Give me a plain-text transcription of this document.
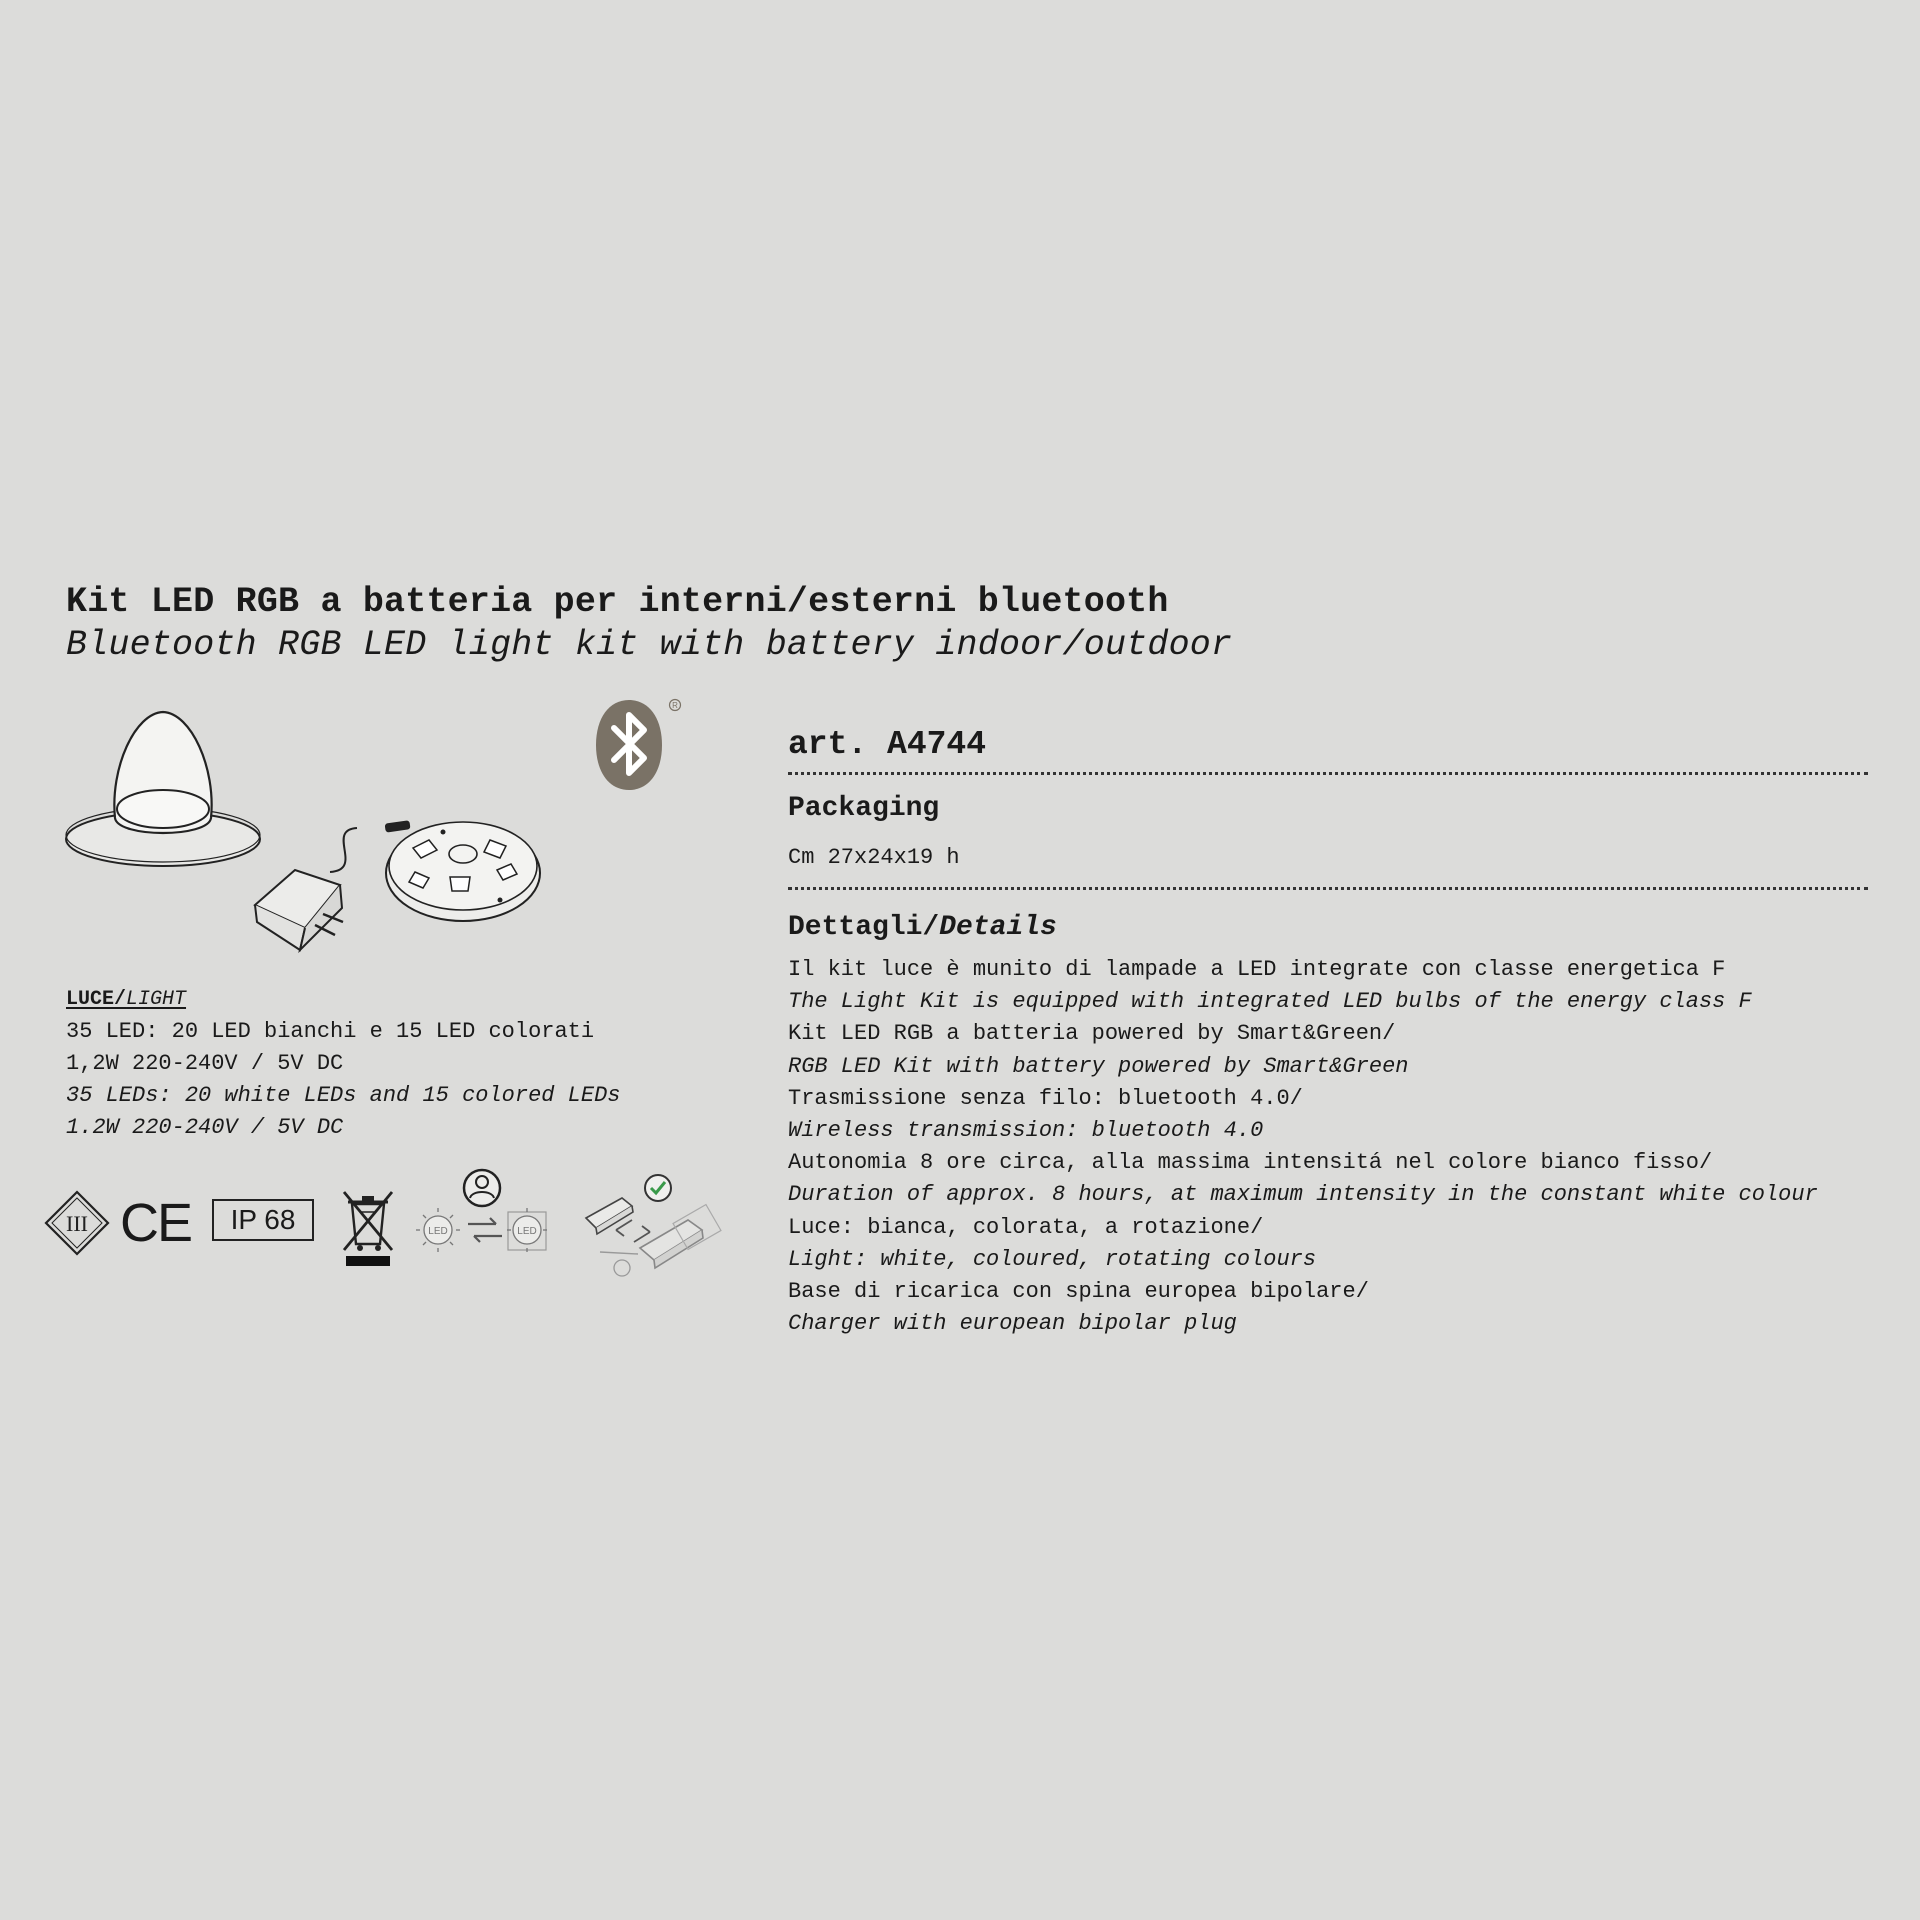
Kit LED RGB a batteria per interni/esterni bluetooth
Bluetooth RGB LED light kit with battery indoor/outdoor
R
LUCE/LIGHT
35 LED: 20 LED bianchi e 15 LED colorati
1,2W 220-240V / 5V DC
35 LEDs: 20 white LEDs and 15 colored LEDs
1.2W 220-240V / 5V DC
III CE	IP 68	LED	LED
art. A4744
Packaging
Cm 27x24x19 h
Dettagli/Details
Il kit luce è munito di lampade a LED integrate con classe energetica F
The Light Kit is equipped with integrated LED bulbs of the energy class F
Kit LED RGB a batteria powered by Smart&Green/
RGB LED Kit with battery powered by Smart&Green
Trasmissione senza filo: bluetooth 4.0/
Wireless transmission: bluetooth 4.0
Autonomia 8 ore circa, alla massima intensitá nel colore bianco fisso/
Duration of approx. 8 hours, at maximum intensity in the constant white colour
Luce: bianca, colorata, a rotazione/
Light: white, coloured, rotating colours
Base di ricarica con spina europea bipolare/
Charger with european bipolar plug
